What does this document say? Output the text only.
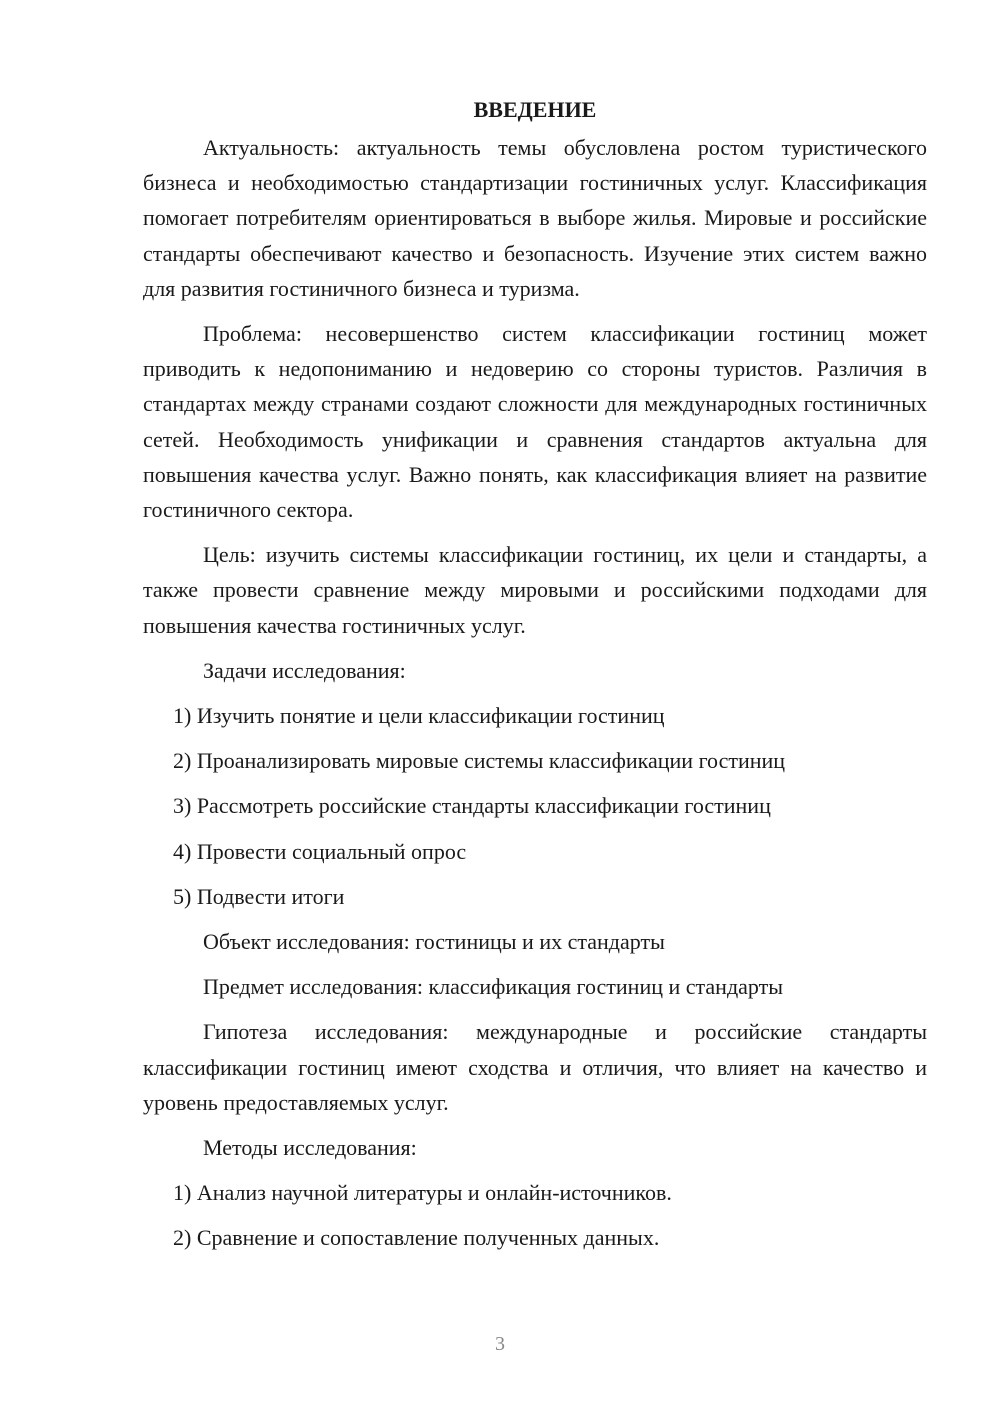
ВВЕДЕНИЕ

Актуальность: актуальность темы обусловлена ростом туристического бизнеса и необходимостью стандартизации гостиничных услуг. Классификация помогает потребителям ориентироваться в выборе жилья. Мировые и российские стандарты обеспечивают качество и безопасность. Изучение этих систем важно для развития гостиничного бизнеса и туризма.

Проблема: несовершенство систем классификации гостиниц может приводить к недопониманию и недоверию со стороны туристов. Различия в стандартах между странами создают сложности для международных гостиничных сетей. Необходимость унификации и сравнения стандартов актуальна для повышения качества услуг. Важно понять, как классификация влияет на развитие гостиничного сектора.

Цель: изучить системы классификации гостиниц, их цели и стандарты, а также провести сравнение между мировыми и российскими подходами для повышения качества гостиничных услуг.

Задачи исследования:

1) Изучить понятие и цели классификации гостиниц

2) Проанализировать мировые системы классификации гостиниц

3) Рассмотреть российские стандарты классификации гостиниц

4) Провести социальный опрос

5) Подвести итоги

Объект исследования: гостиницы и их стандарты

Предмет исследования: классификация гостиниц и стандарты

Гипотеза исследования: международные и российские стандарты классификации гостиниц имеют сходства и отличия, что влияет на качество и уровень предоставляемых услуг.

Методы исследования:

1) Анализ научной литературы и онлайн-источников.

2) Сравнение и сопоставление полученных данных.

3
